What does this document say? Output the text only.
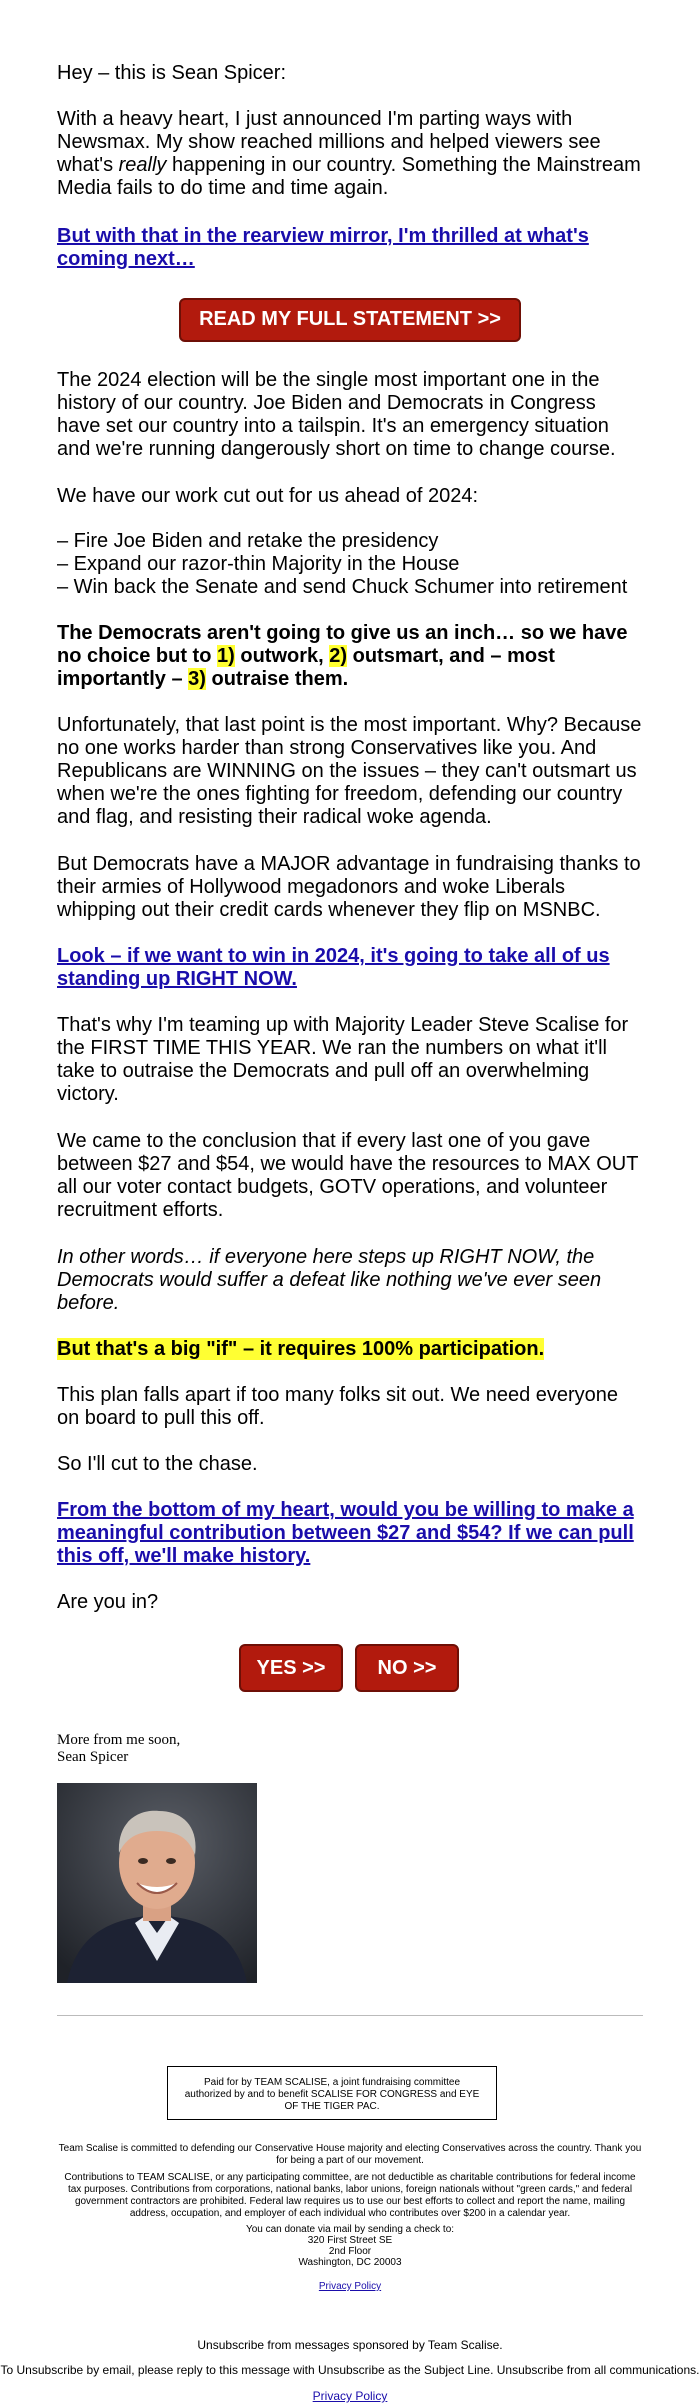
Hey – this is Sean Spicer:

With a heavy heart, I just announced I'm parting ways with Newsmax. My show reached millions and helped viewers see what's really happening in our country. Something the Mainstream Media fails to do time and time again.

But with that in the rearview mirror, I'm thrilled at what's coming next…
READ MY FULL STATEMENT >>

The 2024 election will be the single most important one in the history of our country. Joe Biden and Democrats in Congress have set our country into a tailspin. It's an emergency situation and we're running dangerously short on time to change course.

We have our work cut out for us ahead of 2024:

– Fire Joe Biden and retake the presidency

– Expand our razor-thin Majority in the House

– Win back the Senate and send Chuck Schumer into retirement

The Democrats aren't going to give us an inch… so we have no choice but to 1) outwork, 2) outsmart, and – most importantly – 3) outraise them.

Unfortunately, that last point is the most important. Why? Because no one works harder than strong Conservatives like you. And Republicans are WINNING on the issues – they can't outsmart us when we're the ones fighting for freedom, defending our country and flag, and resisting their radical woke agenda.

But Democrats have a MAJOR advantage in fundraising thanks to their armies of Hollywood megadonors and woke Liberals whipping out their credit cards whenever they flip on MSNBC.

Look – if we want to win in 2024, it's going to take all of us standing up RIGHT NOW.

That's why I'm teaming up with Majority Leader Steve Scalise for the FIRST TIME THIS YEAR. We ran the numbers on what it'll take to outraise the Democrats and pull off an overwhelming victory.

We came to the conclusion that if every last one of you gave between $27 and $54, we would have the resources to MAX OUT all our voter contact budgets, GOTV operations, and volunteer recruitment efforts.

In other words… if everyone here steps up RIGHT NOW, the Democrats would suffer a defeat like nothing we've ever seen before.

But that's a big "if" – it requires 100% participation.

This plan falls apart if too many folks sit out. We need everyone on board to pull this off.

So I'll cut to the chase.

From the bottom of my heart, would you be willing to make a meaningful contribution between $27 and $54? If we can pull this off, we'll make history.

Are you in?

YES >>	NO >>

More from me soon,

Sean Spicer

Paid for by TEAM SCALISE, a joint fundraising committee authorized by and to benefit SCALISE FOR CONGRESS and EYE OF THE TIGER PAC.

Team Scalise is committed to defending our Conservative House majority and electing Conservatives across the country. Thank you for being a part of our movement.

Contributions to TEAM SCALISE, or any participating committee, are not deductible as charitable contributions for federal income tax purposes. Contributions from corporations, national banks, labor unions, foreign nationals without "green cards," and federal government contractors are prohibited. Federal law requires us to use our best efforts to collect and report the name, mailing address, occupation, and employer of each individual who contributes over $200 in a calendar year.

You can donate via mail by sending a check to:

320 First Street SE

2nd Floor

Washington, DC 20003

Privacy Policy

Unsubscribe from messages sponsored by Team Scalise.

To Unsubscribe by email, please reply to this message with Unsubscribe as the Subject Line. Unsubscribe from all communications.

Privacy Policy
